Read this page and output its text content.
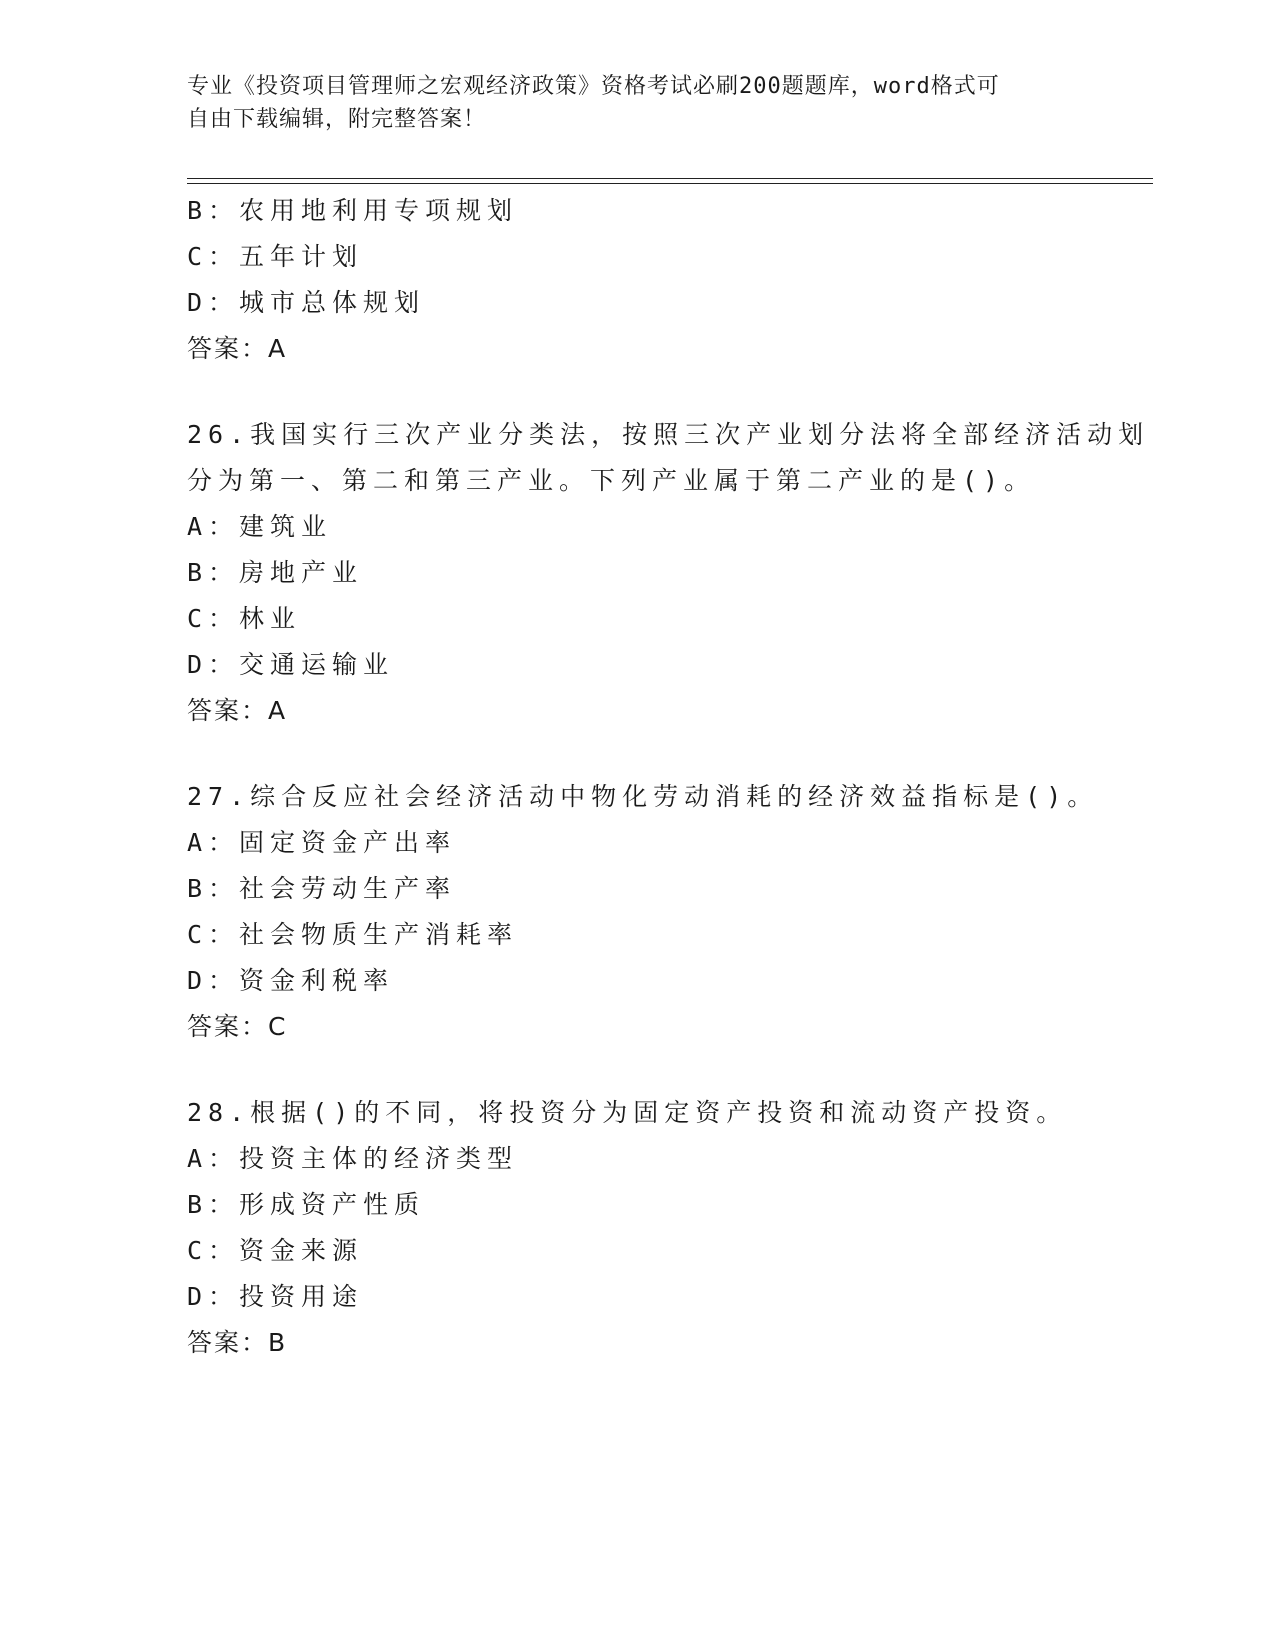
专业《投资项目管理师之宏观经济政策》资格考试必刷200题题库，word格式可
自由下载编辑，附完整答案！
B：农用地利用专项规划
C：五年计划
D：城市总体规划
答案：A
26.我国实行三次产业分类法，按照三次产业划分法将全部经济活动划
分为第一、第二和第三产业。下列产业属于第二产业的是()。
A：建筑业
B：房地产业
C：林业
D：交通运输业
答案：A
27.综合反应社会经济活动中物化劳动消耗的经济效益指标是()。
A：固定资金产出率
B：社会劳动生产率
C：社会物质生产消耗率
D：资金利税率
答案：C
28.根据()的不同，将投资分为固定资产投资和流动资产投资。
A：投资主体的经济类型
B：形成资产性质
C：资金来源
D：投资用途
答案：B
